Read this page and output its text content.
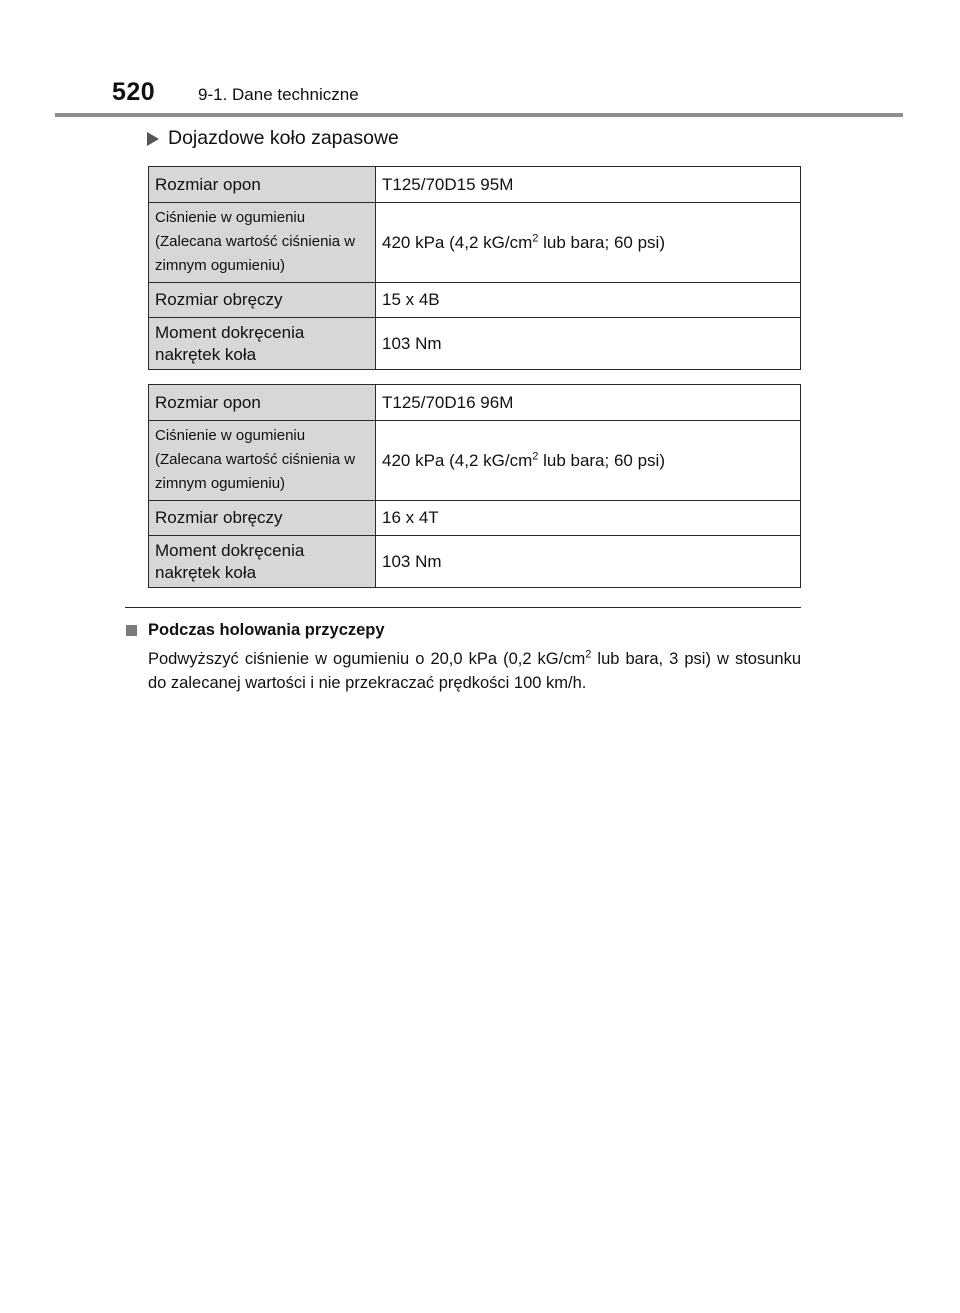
520	9-1. Dane techniczne
Dojazdowe koło zapasowe
Rozmiar opon	T125/70D15 95M
Ciśnienie w ogumieniu (Zalecana wartość ciśnienia w zimnym ogumieniu)	420 kPa (4,2 $kG/cm^2$ lub bara; 60 psi)
Rozmiar obręczy	15 x 4B
Moment dokręcenia nakrętek koła	103 Nm
Rozmiar opon	T125/70D16 96M
Ciśnienie w ogumieniu (Zalecana wartość ciśnienia w zimnym ogumieniu)	420 kPa (4,2 $kG/cm^2$ lub bara; 60 psi)
Rozmiar obręczy	16 x 4T
Moment dokręcenia nakrętek koła	103 Nm
Podczas holowania przyczepy
Podwyższyć ciśnienie w ogumieniu o 20,0 kPa (0,2 $kG/cm^2$ lub bara, 3 psi) w stosunku do zalecanej wartości i nie przekraczać prędkości 100 km/h.
